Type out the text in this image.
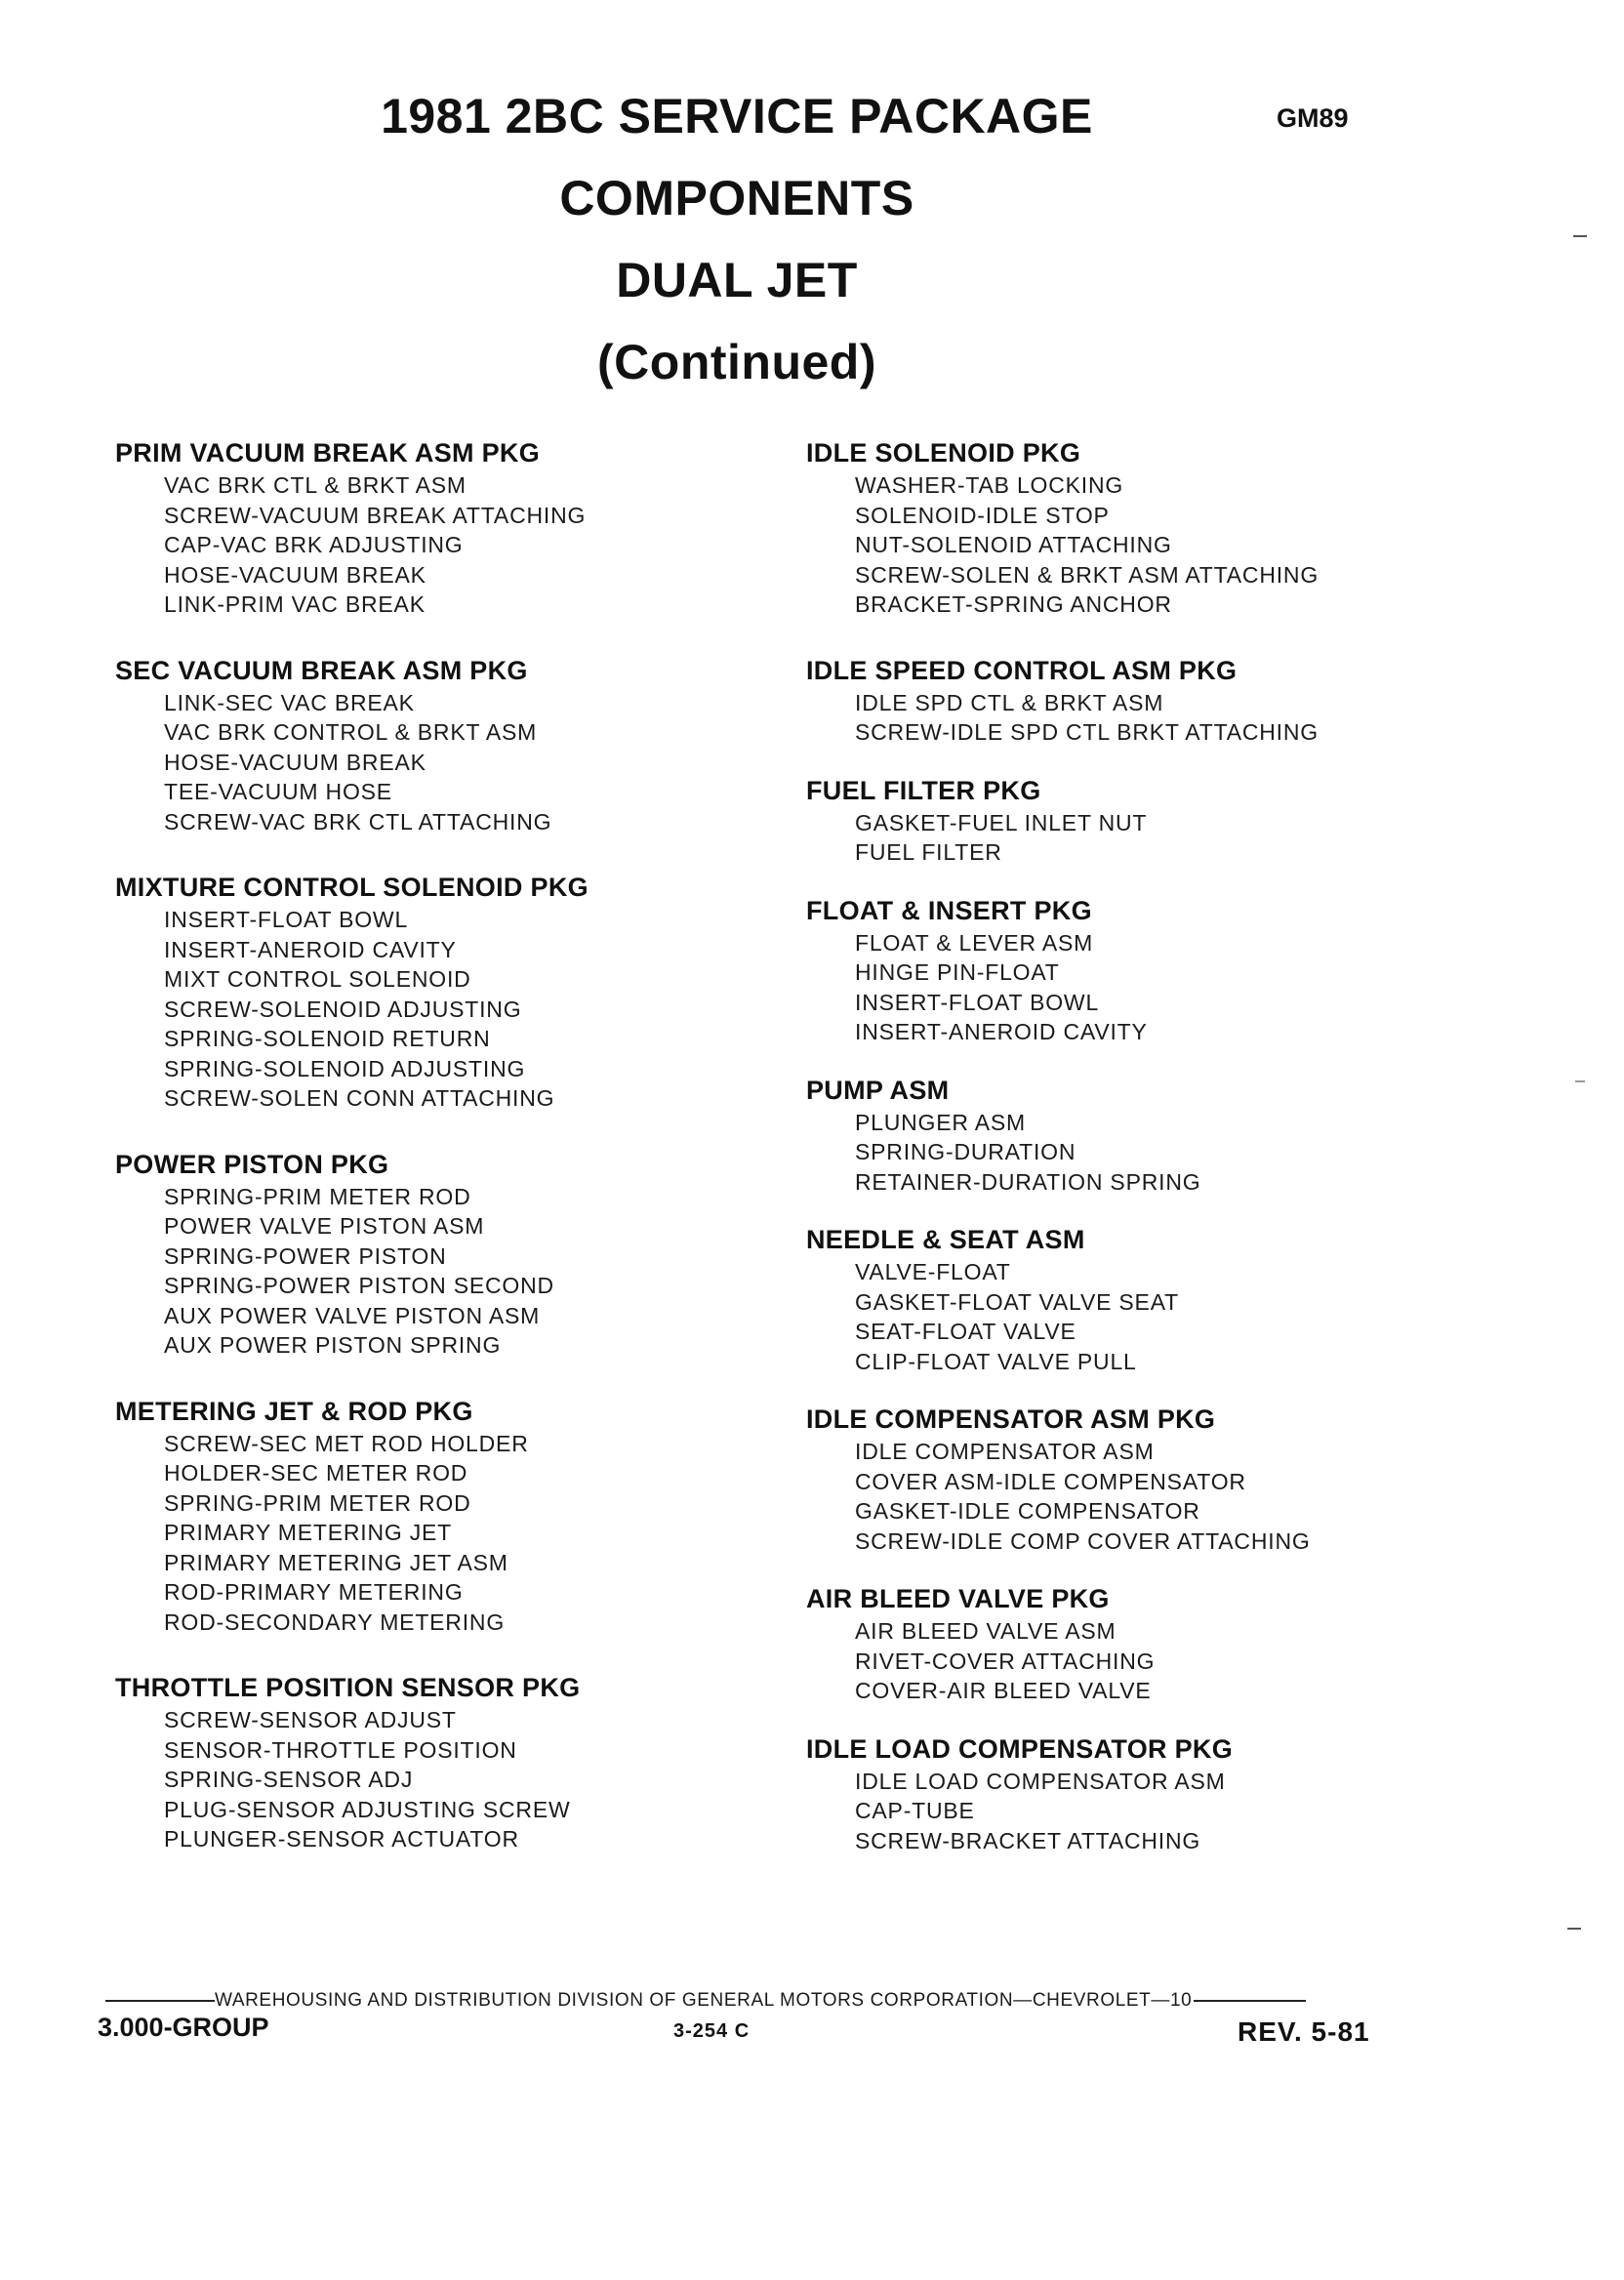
1981 2BC SERVICE PACKAGE
COMPONENTS
DUAL JET
(Continued)
GM89
PRIM VACUUM BREAK ASM PKG
VAC BRK CTL & BRKT ASM
SCREW-VACUUM BREAK ATTACHING
CAP-VAC BRK ADJUSTING
HOSE-VACUUM BREAK
LINK-PRIM VAC BREAK
SEC VACUUM BREAK ASM PKG
LINK-SEC VAC BREAK
VAC BRK CONTROL & BRKT ASM
HOSE-VACUUM BREAK
TEE-VACUUM HOSE
SCREW-VAC BRK CTL ATTACHING
MIXTURE CONTROL SOLENOID PKG
INSERT-FLOAT BOWL
INSERT-ANEROID CAVITY
MIXT CONTROL SOLENOID
SCREW-SOLENOID ADJUSTING
SPRING-SOLENOID RETURN
SPRING-SOLENOID ADJUSTING
SCREW-SOLEN CONN ATTACHING
POWER PISTON PKG
SPRING-PRIM METER ROD
POWER VALVE PISTON ASM
SPRING-POWER PISTON
SPRING-POWER PISTON SECOND
AUX POWER VALVE PISTON ASM
AUX POWER PISTON SPRING
METERING JET & ROD PKG
SCREW-SEC MET ROD HOLDER
HOLDER-SEC METER ROD
SPRING-PRIM METER ROD
PRIMARY METERING JET
PRIMARY METERING JET ASM
ROD-PRIMARY METERING
ROD-SECONDARY METERING
THROTTLE POSITION SENSOR PKG
SCREW-SENSOR ADJUST
SENSOR-THROTTLE POSITION
SPRING-SENSOR ADJ
PLUG-SENSOR ADJUSTING SCREW
PLUNGER-SENSOR ACTUATOR
IDLE SOLENOID PKG
WASHER-TAB LOCKING
SOLENOID-IDLE STOP
NUT-SOLENOID ATTACHING
SCREW-SOLEN & BRKT ASM ATTACHING
BRACKET-SPRING ANCHOR
IDLE SPEED CONTROL ASM PKG
IDLE SPD CTL & BRKT ASM
SCREW-IDLE SPD CTL BRKT ATTACHING
FUEL FILTER PKG
GASKET-FUEL INLET NUT
FUEL FILTER
FLOAT & INSERT PKG
FLOAT & LEVER ASM
HINGE PIN-FLOAT
INSERT-FLOAT BOWL
INSERT-ANEROID CAVITY
PUMP ASM
PLUNGER ASM
SPRING-DURATION
RETAINER-DURATION SPRING
NEEDLE & SEAT ASM
VALVE-FLOAT
GASKET-FLOAT VALVE SEAT
SEAT-FLOAT VALVE
CLIP-FLOAT VALVE PULL
IDLE COMPENSATOR ASM PKG
IDLE COMPENSATOR ASM
COVER ASM-IDLE COMPENSATOR
GASKET-IDLE COMPENSATOR
SCREW-IDLE COMP COVER ATTACHING
AIR BLEED VALVE PKG
AIR BLEED VALVE ASM
RIVET-COVER ATTACHING
COVER-AIR BLEED VALVE
IDLE LOAD COMPENSATOR PKG
IDLE LOAD COMPENSATOR ASM
CAP-TUBE
SCREW-BRACKET ATTACHING
WAREHOUSING AND DISTRIBUTION DIVISION OF GENERAL MOTORS CORPORATION—CHEVROLET—10
3.000-GROUP	3-254 C	REV. 5-81
